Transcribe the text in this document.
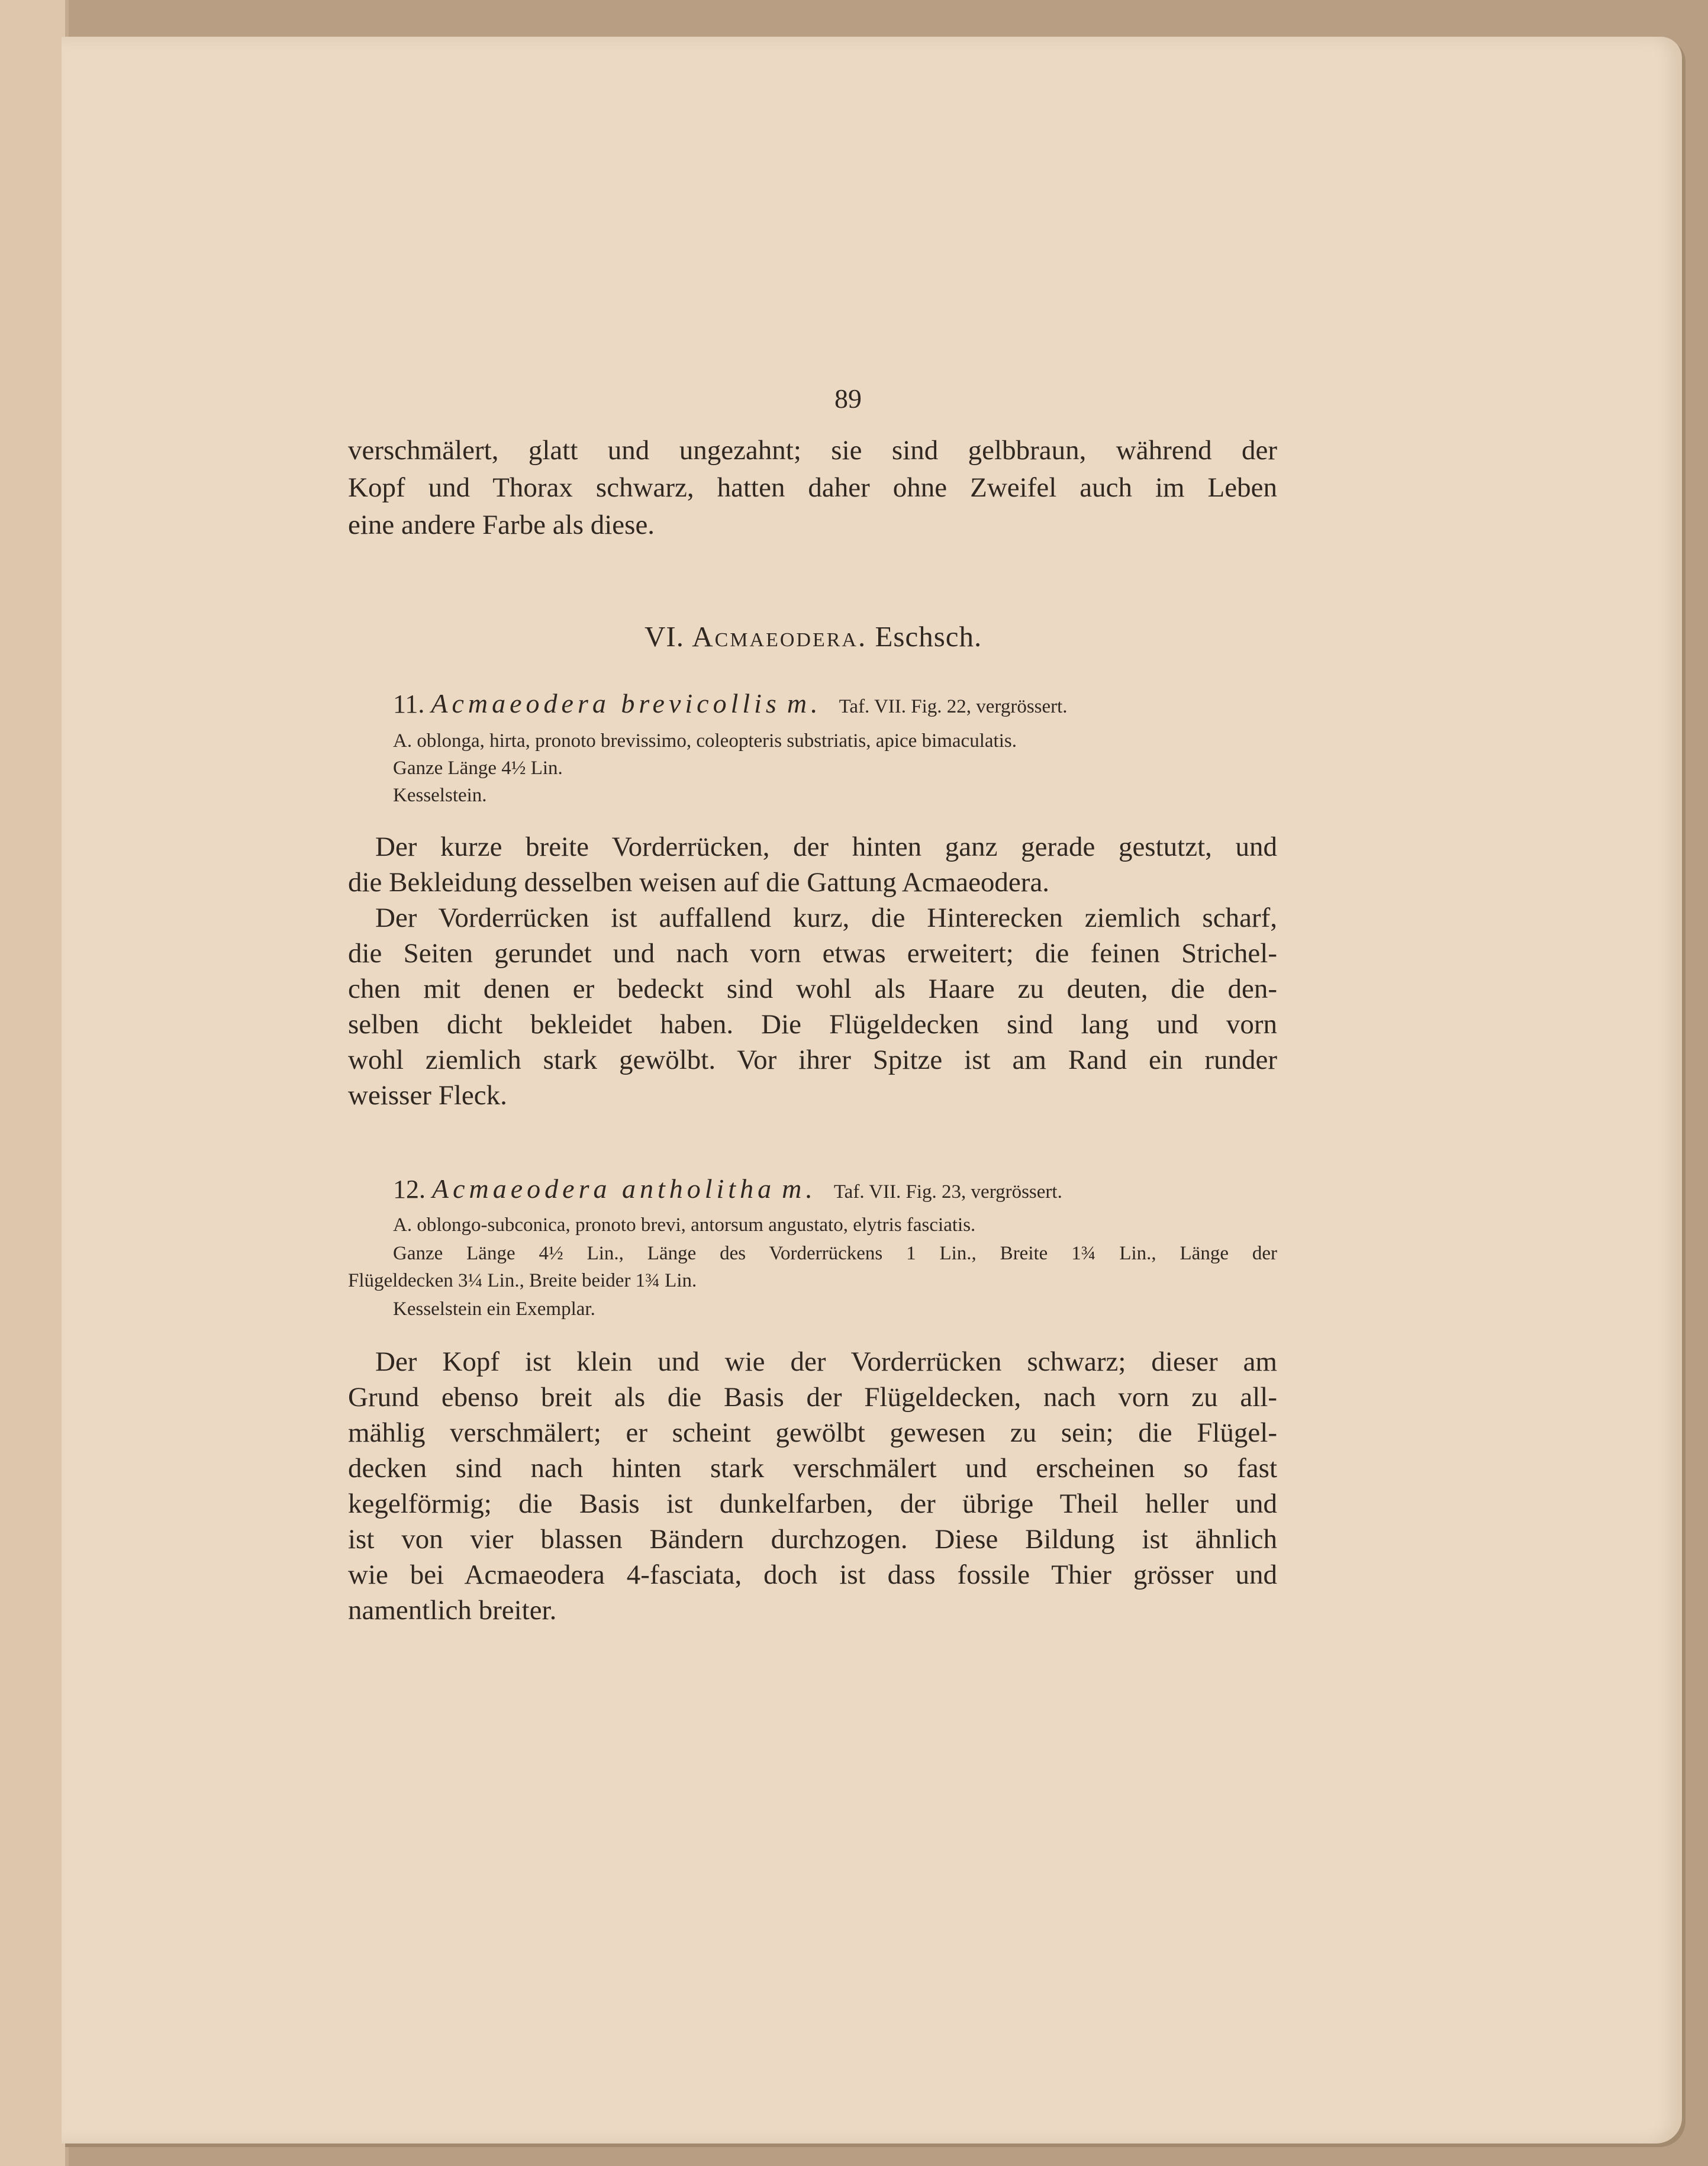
89
verschmälert, glatt und ungezahnt; sie sind gelbbraun, während der
Kopf und Thorax schwarz, hatten daher ohne Zweifel auch im Leben
eine andere Farbe als diese.
VI. Acmaeodera. Eschsch.
11. Acmaeodera brevicollis m. Taf. VII. Fig. 22, vergrössert.
A. oblonga, hirta, pronoto brevissimo, coleopteris substriatis, apice bimaculatis.
Ganze Länge 4½ Lin.
Kesselstein.
Der kurze breite Vorderrücken, der hinten ganz gerade gestutzt, und
die Bekleidung desselben weisen auf die Gattung Acmaeodera.
Der Vorderrücken ist auffallend kurz, die Hinterecken ziemlich scharf,
die Seiten gerundet und nach vorn etwas erweitert; die feinen Strichel-
chen mit denen er bedeckt sind wohl als Haare zu deuten, die den-
selben dicht bekleidet haben. Die Flügeldecken sind lang und vorn
wohl ziemlich stark gewölbt. Vor ihrer Spitze ist am Rand ein runder
weisser Fleck.
12. Acmaeodera antholitha m. Taf. VII. Fig. 23, vergrössert.
A. oblongo-subconica, pronoto brevi, antorsum angustato, elytris fasciatis.
Ganze Länge 4½ Lin., Länge des Vorderrückens 1 Lin., Breite 1¾ Lin., Länge der
Flügeldecken 3¼ Lin., Breite beider 1¾ Lin.
Kesselstein ein Exemplar.
Der Kopf ist klein und wie der Vorderrücken schwarz; dieser am
Grund ebenso breit als die Basis der Flügeldecken, nach vorn zu all-
mählig verschmälert; er scheint gewölbt gewesen zu sein; die Flügel-
decken sind nach hinten stark verschmälert und erscheinen so fast
kegelförmig; die Basis ist dunkelfarben, der übrige Theil heller und
ist von vier blassen Bändern durchzogen. Diese Bildung ist ähnlich
wie bei Acmaeodera 4-fasciata, doch ist dass fossile Thier grösser und
namentlich breiter.
